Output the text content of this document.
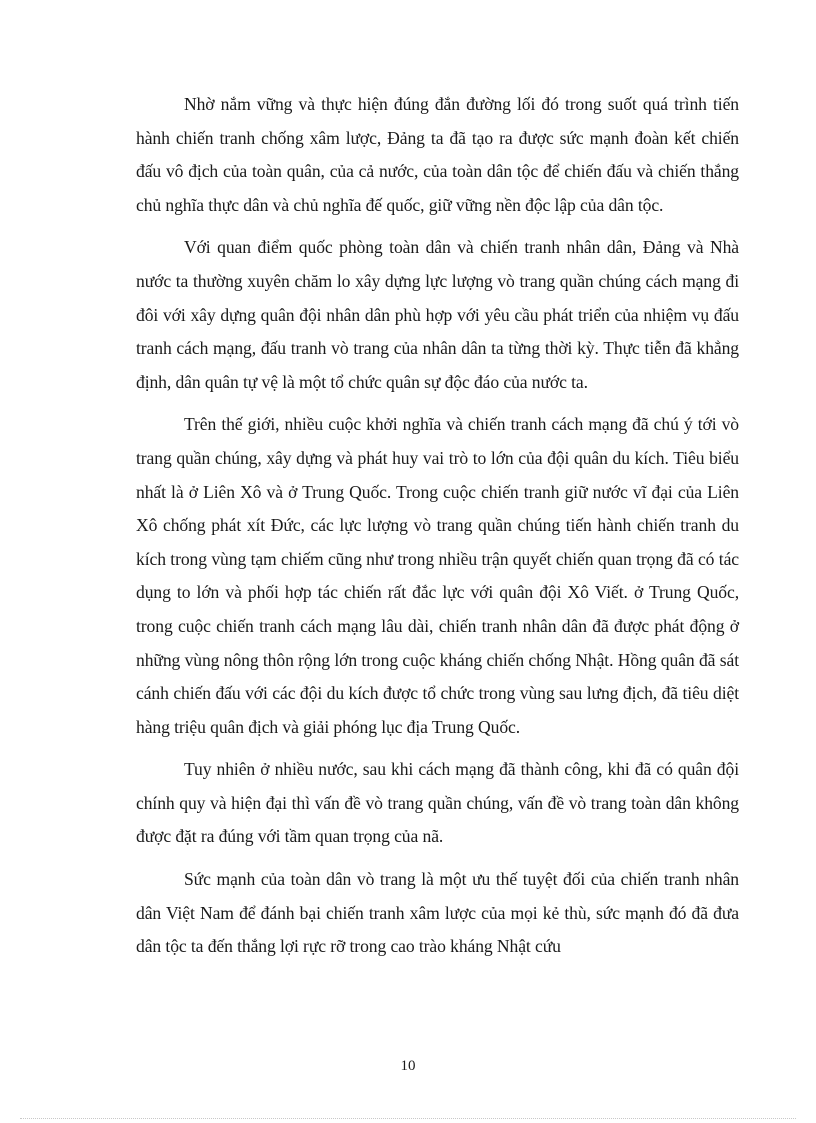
Nhờ nắm vững và thực hiện đúng đắn đường lối đó trong suốt quá trình tiến hành chiến tranh chống xâm lược, Đảng ta đã tạo ra được sức mạnh đoàn kết chiến đấu vô địch của toàn quân, của cả nước, của toàn dân tộc để chiến đấu và chiến thắng chủ nghĩa thực dân và chủ nghĩa đế quốc, giữ vững nền độc lập của dân tộc.

Với quan điểm quốc phòng toàn dân và chiến tranh nhân dân, Đảng và Nhà nước ta thường xuyên chăm lo xây dựng lực lượng vò trang quần chúng cách mạng đi đôi với xây dựng quân đội nhân dân phù hợp với yêu cầu phát triển của nhiệm vụ đấu tranh cách mạng, đấu tranh vò trang của nhân dân ta từng thời kỳ. Thực tiễn đã khẳng định, dân quân tự vệ là một tổ chức quân sự độc đáo của nước ta.

Trên thế giới, nhiều cuộc khởi nghĩa và chiến tranh cách mạng đã chú ý tới vò trang quần chúng, xây dựng và phát huy vai trò to lớn của đội quân du kích. Tiêu biểu nhất là ở Liên Xô và ở Trung Quốc. Trong cuộc chiến tranh giữ nước vĩ đại của Liên Xô chống phát xít Đức, các lực lượng vò trang quần chúng tiến hành chiến tranh du kích trong vùng tạm chiếm cũng như trong nhiều trận quyết chiến quan trọng đã có tác dụng to lớn và phối hợp tác chiến rất đắc lực với quân đội Xô Viết. ở Trung Quốc, trong cuộc chiến tranh cách mạng lâu dài, chiến tranh nhân dân đã được phát động ở những vùng nông thôn rộng lớn trong cuộc kháng chiến chống Nhật. Hồng quân đã sát cánh chiến đấu với các đội du kích được tổ chức trong vùng sau lưng địch, đã tiêu diệt hàng triệu quân địch và giải phóng lục địa Trung Quốc.

Tuy nhiên ở nhiều nước, sau khi cách mạng đã thành công, khi đã có quân đội chính quy và hiện đại thì vấn đề vò trang quần chúng, vấn đề vò trang toàn dân không được đặt ra đúng với tầm quan trọng của nã.

Sức mạnh của toàn dân vò trang là một ưu thế tuyệt đối của chiến tranh nhân dân Việt Nam để đánh bại chiến tranh xâm lược của mọi kẻ thù, sức mạnh đó đã đưa dân tộc ta đến thắng lợi rực rỡ trong cao trào kháng Nhật cứu

10
